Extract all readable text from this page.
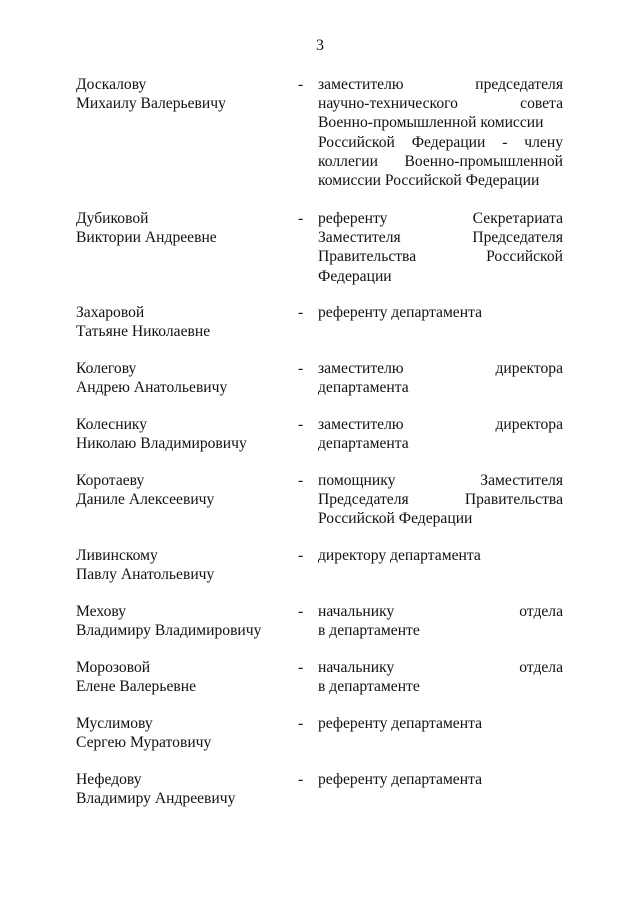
3
Доскалову
Михаилу Валерьевичу
- заместителю председателя
научно-технического совета
Военно-промышленной комиссии
Российской Федерации - члену
коллегии Военно-промышленной
комиссии Российской Федерации
Дубиковой
Виктории Андреевне
- референту Секретариата
Заместителя Председателя
Правительства Российской
Федерации
Захаровой
Татьяне Николаевне
- референту департамента
Колегову
Андрею Анатольевичу
- заместителю директора
департамента
Колеснику
Николаю Владимировичу
- заместителю директора
департамента
Коротаеву
Даниле Алексеевичу
- помощнику Заместителя
Председателя Правительства
Российской Федерации
Ливинскому
Павлу Анатольевичу
- директору департамента
Мехову
Владимиру Владимировичу
- начальнику отдела
в департаменте
Морозовой
Елене Валерьевне
- начальнику отдела
в департаменте
Муслимову
Сергею Муратовичу
- референту департамента
Нефедову
Владимиру Андреевичу
- референту департамента
